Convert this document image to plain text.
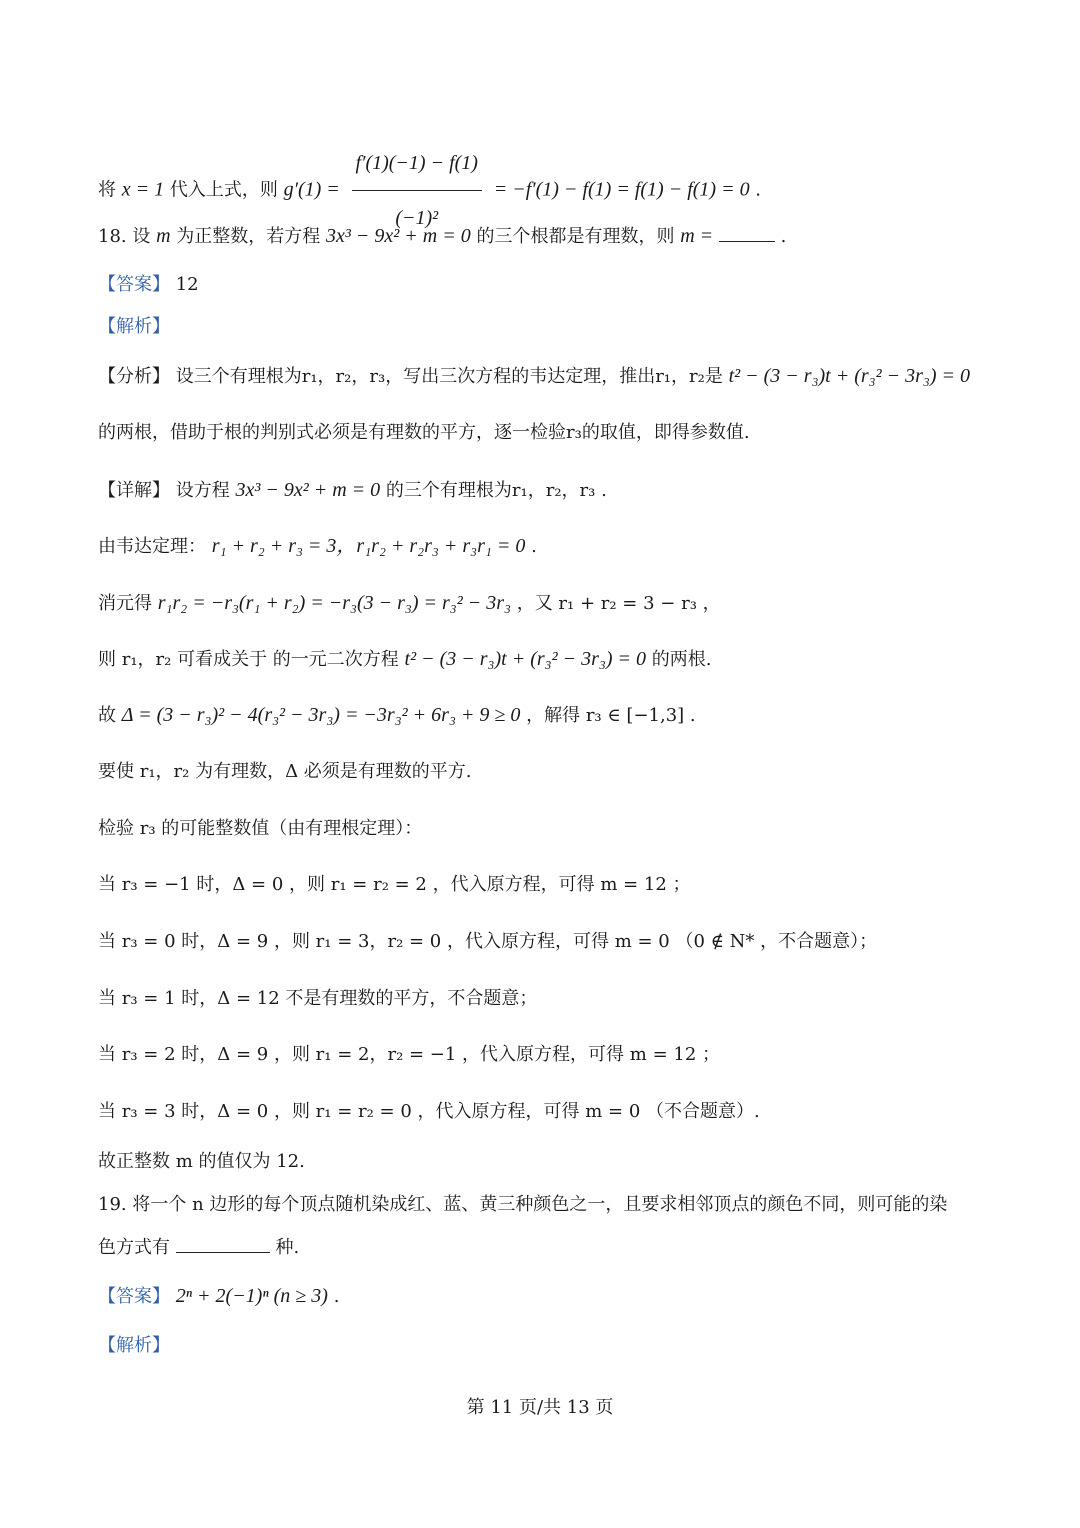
将 x = 1 代入上式，则 $g'(1) = \frac{f'(1)(-1) - f(1)}{\text{(−1)²}} = -f'(1) - f(1) = f(1) - f(1) = 0$ .
18. 设 m 为正整数，若方程 3x³ − 9x² + m = 0 的三个根都是有理数，则 m =	.
【答案】 12
【解析】
【分析】 设三个有理根为r₁，r₂，r₃，写出三次方程的韦达定理，推出r₁，r₂是 t² − (3 − r₃)t + (r₃² − 3r₃) = 0
的两根，借助于根的判别式必须是有理数的平方，逐一检验r₃的取值，即得参数值.
【详解】 设方程 3x³ − 9x² + m = 0 的三个有理根为r₁，r₂，r₃ .
由韦达定理： r₁ + r₂ + r₃ = 3，r₁r₂ + r₂r₃ + r₃r₁ = 0 .
消元得 r₁r₂ = −r₃(r₁ + r₂) = −r₃(3 − r₃) = r₃² − 3r₃ ，又 r₁ + r₂ = 3 − r₃ ，
则 r₁，r₂ 可看成关于 的一元二次方程 t² − (3 − r₃)t + (r₃² − 3r₃) = 0 的两根.
故 Δ = (3 − r₃)² − 4(r₃² − 3r₃) = −3r₃² + 6r₃ + 9 ≥ 0 ，解得 r₃ ∈ [−1,3] .
要使 r₁，r₂ 为有理数，Δ 必须是有理数的平方.
检验 r₃ 的可能整数值（由有理根定理）：
当 r₃ = −1 时，Δ = 0 ，则 r₁ = r₂ = 2 ，代入原方程，可得 m = 12 ；
当 r₃ = 0 时，Δ = 9 ，则 r₁ = 3，r₂ = 0 ，代入原方程，可得 m = 0 （0 ∉ N* ，不合题意）；
当 r₃ = 1 时，Δ = 12 不是有理数的平方，不合题意；
当 r₃ = 2 时，Δ = 9 ，则 r₁ = 2，r₂ = −1 ，代入原方程，可得 m = 12 ；
当 r₃ = 3 时，Δ = 0 ，则 r₁ = r₂ = 0 ，代入原方程，可得 m = 0 （不合题意）.
故正整数 m 的值仅为 12.
19. 将一个 n 边形的每个顶点随机染成红、蓝、黄三种颜色之一，且要求相邻顶点的颜色不同，则可能的染
色方式有	种.
【答案】 2ⁿ + 2(−1)ⁿ (n ≥ 3) .
【解析】
第 11 页/共 13 页
